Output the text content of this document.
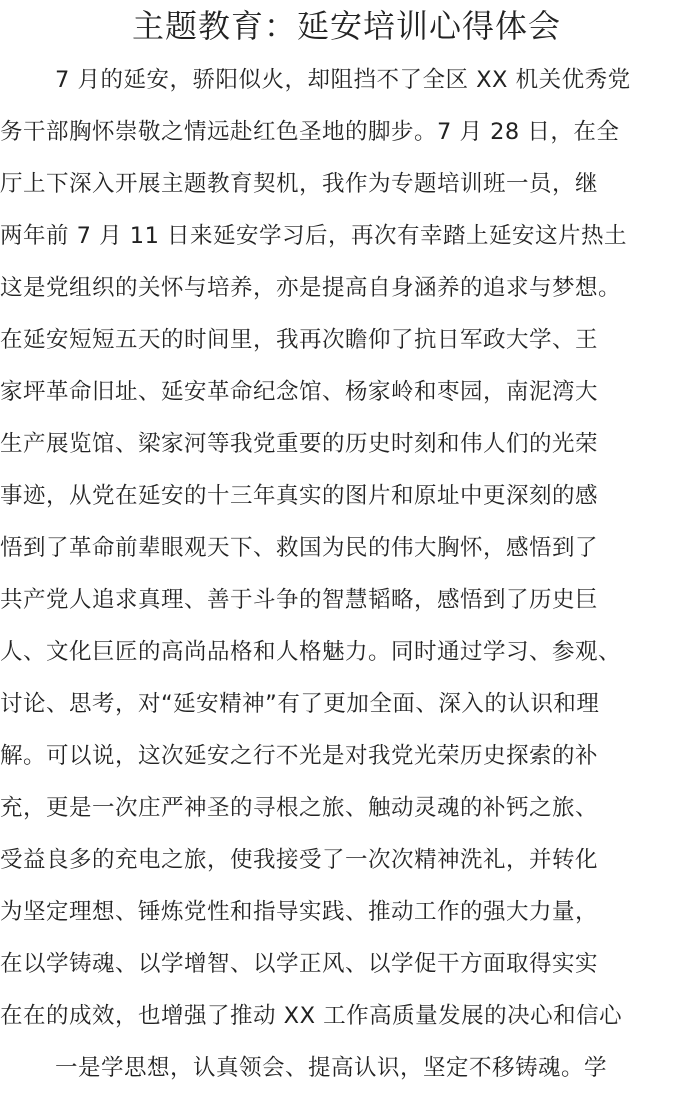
主题教育：延安培训心得体会
7 月的延安，骄阳似火，却阻挡不了全区 XX 机关优秀党
务干部胸怀崇敬之情远赴红色圣地的脚步。7 月 28 日，在全
厅上下深入开展主题教育契机，我作为专题培训班一员，继
两年前 7 月 11 日来延安学习后，再次有幸踏上延安这片热土
这是党组织的关怀与培养，亦是提高自身涵养的追求与梦想。
在延安短短五天的时间里，我再次瞻仰了抗日军政大学、王
家坪革命旧址、延安革命纪念馆、杨家岭和枣园，南泥湾大
生产展览馆、梁家河等我党重要的历史时刻和伟人们的光荣
事迹，从党在延安的十三年真实的图片和原址中更深刻的感
悟到了革命前辈眼观天下、救国为民的伟大胸怀，感悟到了
共产党人追求真理、善于斗争的智慧韬略，感悟到了历史巨
人、文化巨匠的高尚品格和人格魅力。同时通过学习、参观、
讨论、思考，对“延安精神”有了更加全面、深入的认识和理
解。可以说，这次延安之行不光是对我党光荣历史探索的补
充，更是一次庄严神圣的寻根之旅、触动灵魂的补钙之旅、
受益良多的充电之旅，使我接受了一次次精神洗礼，并转化
为坚定理想、锤炼党性和指导实践、推动工作的强大力量，
在以学铸魂、以学增智、以学正风、以学促干方面取得实实
在在的成效，也增强了推动 XX 工作高质量发展的决心和信心
一是学思想，认真领会、提高认识，坚定不移铸魂。学
